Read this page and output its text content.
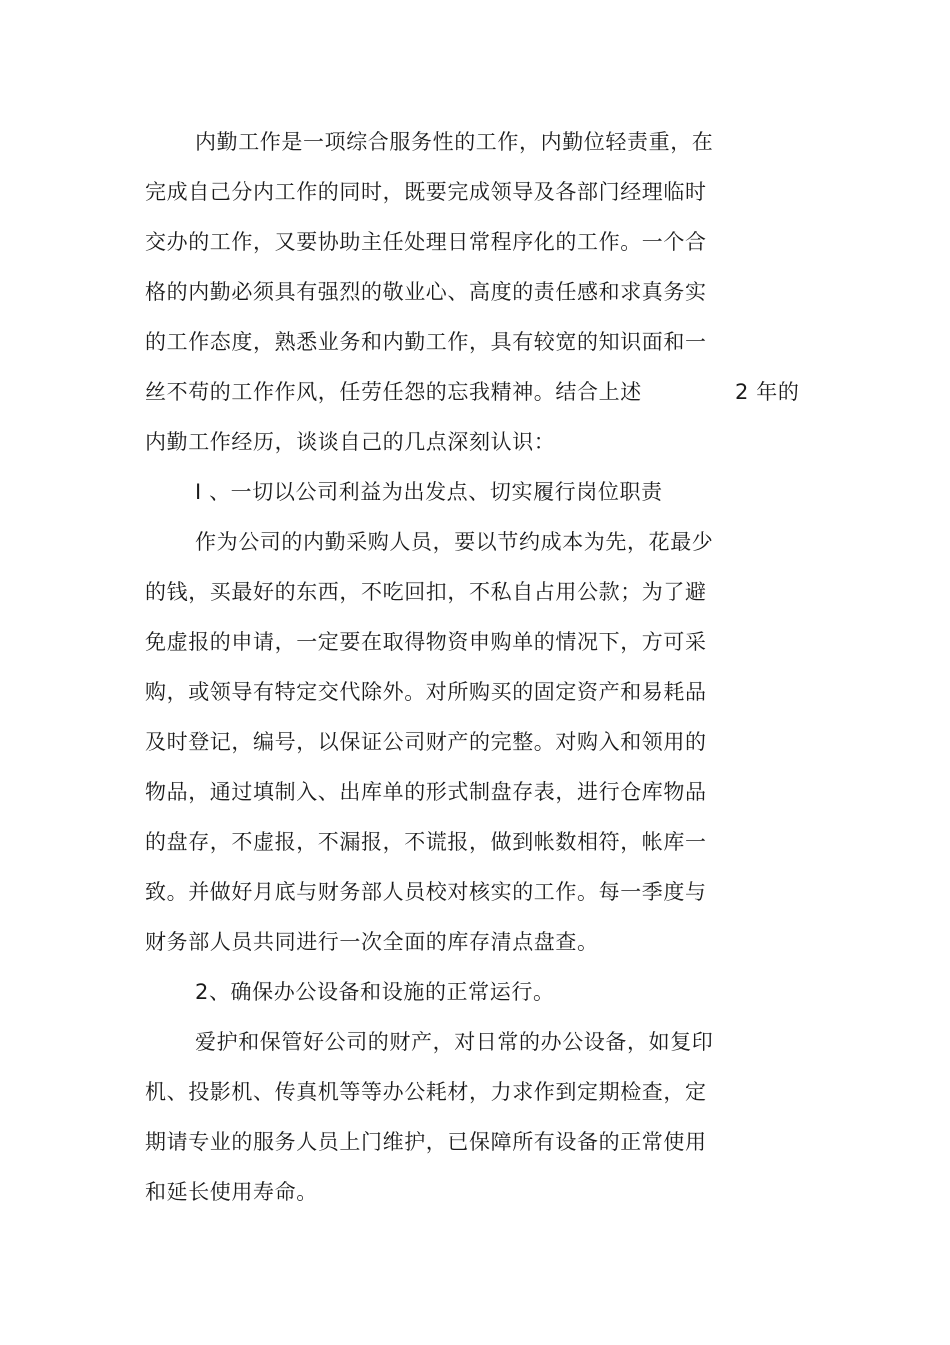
内勤工作是一项综合服务性的工作，内勤位轻责重，在
完成自己分内工作的同时，既要完成领导及各部门经理临时
交办的工作，又要协助主任处理日常程序化的工作。一个合
格的内勤必须具有强烈的敬业心、高度的责任感和求真务实
的工作态度，熟悉业务和内勤工作，具有较宽的知识面和一
丝不苟的工作作风，任劳任怨的忘我精神。结合上述	2 年的
内勤工作经历，谈谈自己的几点深刻认识：
I 、一切以公司利益为出发点、切实履行岗位职责
作为公司的内勤采购人员，要以节约成本为先，花最少
的钱，买最好的东西，不吃回扣，不私自占用公款；为了避
免虚报的申请，一定要在取得物资申购单的情况下，方可采
购，或领导有特定交代除外。对所购买的固定资产和易耗品
及时登记，编号，以保证公司财产的完整。对购入和领用的
物品，通过填制入、出库单的形式制盘存表，进行仓库物品
的盘存，不虚报，不漏报，不谎报，做到帐数相符，帐库一
致。并做好月底与财务部人员校对核实的工作。每一季度与
财务部人员共同进行一次全面的库存清点盘查。
2、确保办公设备和设施的正常运行。
爱护和保管好公司的财产，对日常的办公设备，如复印
机、投影机、传真机等等办公耗材，力求作到定期检查，定
期请专业的服务人员上门维护，已保障所有设备的正常使用
和延长使用寿命。
